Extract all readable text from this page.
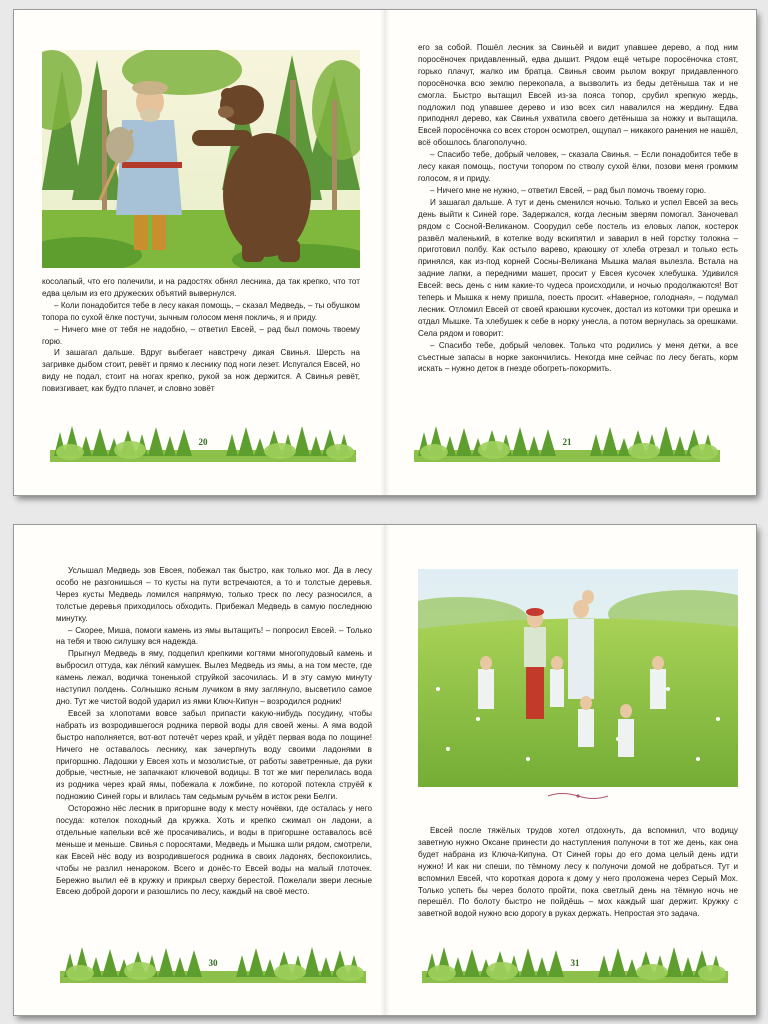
косолапый, что его полечили, и на радостях обнял лесника, да так крепко, что тот едва целым из его дружеских объятий вывернулся.

– Коли понадобится тебе в лесу какая помощь, – сказал Медведь, – ты обушком топора по сухой ёлке постучи, зычным голосом меня покличь, я и приду.

– Ничего мне от тебя не надобно, – ответил Евсей, – рад был помочь твоему горю.

И зашагал дальше. Вдруг выбегает навстречу дикая Свинья. Шерсть на загривке дыбом стоит, ревёт и прямо к леснику под ноги лезет. Испугался Евсей, но виду не подал, стоит на ногах крепко, рукой за нож держится. А Свинья ревёт, повизгивает, как будто плачет, и словно зовёт

20

его за собой. Пошёл лесник за Свиньёй и видит упавшее дерево, а под ним поросёночек придавленный, едва дышит. Рядом ещё четыре поросёночка стоят, горько плачут, жалко им братца. Свинья своим рылом вокруг придавленного поросёночка всю землю перекопала, а вызволить из беды детёныша так и не смогла. Быстро вытащил Евсей из-за пояса топор, срубил крепкую жердь, подложил под упавшее дерево и изо всех сил навалился на жердину. Едва приподнял дерево, как Свинья ухватила своего детёныша за ножку и вытащила. Евсей поросёночка со всех сторон осмотрел, ощупал – никакого ранения не нашёл, всё обошлось благополучно.

– Спасибо тебе, добрый человек, – сказала Свинья. – Если понадобится тебе в лесу какая помощь, постучи топором по стволу сухой ёлки, позови меня громким голосом, я и приду.

– Ничего мне не нужно, – ответил Евсей, – рад был помочь твоему горю.

И зашагал дальше. А тут и день сменился ночью. Только и успел Евсей за весь день выйти к Синей горе. Задержался, когда лесным зверям помогал. Заночевал рядом с Сосной-Великаном. Соорудил себе постель из еловых лапок, костерок развёл маленький, в котелке воду вскипятил и заварил в ней горстку толокна – приготовил полбу. Как остыло варево, краюшку от хлеба отрезал и только есть принялся, как из-под корней Сосны-Великана Мышка малая вылезла. Встала на задние лапки, а передними машет, просит у Евсея кусочек хлебушка. Удивился Евсей: весь день с ним какие-то чудеса происходили, и ночью продолжаются! Вот теперь и Мышка к нему пришла, поесть просит. «Наверное, голодная», – подумал лесник. Отломил Евсей от своей краюшки кусочек, достал из котомки три орешка и отдал Мышке. Та хлебушек к себе в норку унесла, а потом вернулась за орешками. Села рядом и говорит:

– Спасибо тебе, добрый человек. Только что родились у меня детки, а все съестные запасы в норке закончились. Некогда мне сейчас по лесу бегать, корм искать – нужно деток в гнезде обогреть-покормить.

21

Услышал Медведь зов Евсея, побежал так быстро, как только мог. Да в лесу особо не разгонишься – то кусты на пути встречаются, а то и толстые деревья. Через кусты Медведь ломился напрямую, только треск по лесу разносился, а толстые деревья приходилось обходить. Прибежал Медведь в самую последнюю минутку.

– Скорее, Миша, помоги камень из ямы вытащить! – попросил Евсей. – Только на тебя и твою силушку вся надежда.

Прыгнул Медведь в яму, подцепил крепкими когтями многопудовый камень и выбросил оттуда, как лёгкий камушек. Вылез Медведь из ямы, а на том месте, где камень лежал, водичка тоненькой струйкой засочилась. И в эту самую минуту наступил полдень. Солнышко ясным лучиком в яму заглянуло, высветило самое дно. Тут же чистой водой ударил из ямки Ключ-Кипун – возродился родник!

Евсей за хлопотами вовсе забыл припасти какую-нибудь посудину, чтобы набрать из возродившегося родника первой воды для своей жены. А яма водой быстро наполняется, вот-вот потечёт через край, и уйдёт первая вода по лощине! Ничего не оставалось леснику, как зачерпнуть воду своими ладонями в пригоршню. Ладошки у Евсея хоть и мозолистые, от работы заветренные, да руки добрые, честные, не запачкают ключевой водицы. В тот же миг перелилась вода из родника через край ямы, побежала к ложбине, по которой потекла струёй к подножию Синей горы и влилась там седьмым ручьём в исток реки Белги.

Осторожно нёс лесник в пригоршне воду к месту ночёвки, где осталась у него посуда: котелок походный да кружка. Хоть и крепко сжимал он ладони, а отдельные капельки всё же просачивались, и воды в пригоршне оставалось всё меньше и меньше. Свинья с поросятами, Медведь и Мышка шли рядом, смотрели, как Евсей нёс воду из возродившегося родника в своих ладонях, беспокоились, чтобы не разлил ненароком. Всего и донёс-то Евсей воды на малый глоточек. Бережно вылил её в кружку и прикрыл сверху берестой. Пожелали звери лесные Евсею доброй дороги и разошлись по лесу, каждый на своё место.

30

Евсей после тяжёлых трудов хотел отдохнуть, да вспомнил, что водицу заветную нужно Оксане принести до наступления полуночи в тот же день, как она будет набрана из Ключа-Кипуна. От Синей горы до его дома целый день идти нужно! И как ни спеши, по тёмному лесу к полуночи домой не добраться. Тут и вспомнил Евсей, что короткая дорога к дому у него проложена через Серый Мох. Только успеть бы через болото пройти, пока светлый день на тёмную ночь не перешёл. По болоту быстро не пойдёшь – мох каждый шаг держит. Кружку с заветной водой нужно всю дорогу в руках держать. Непростая это задача.

31
